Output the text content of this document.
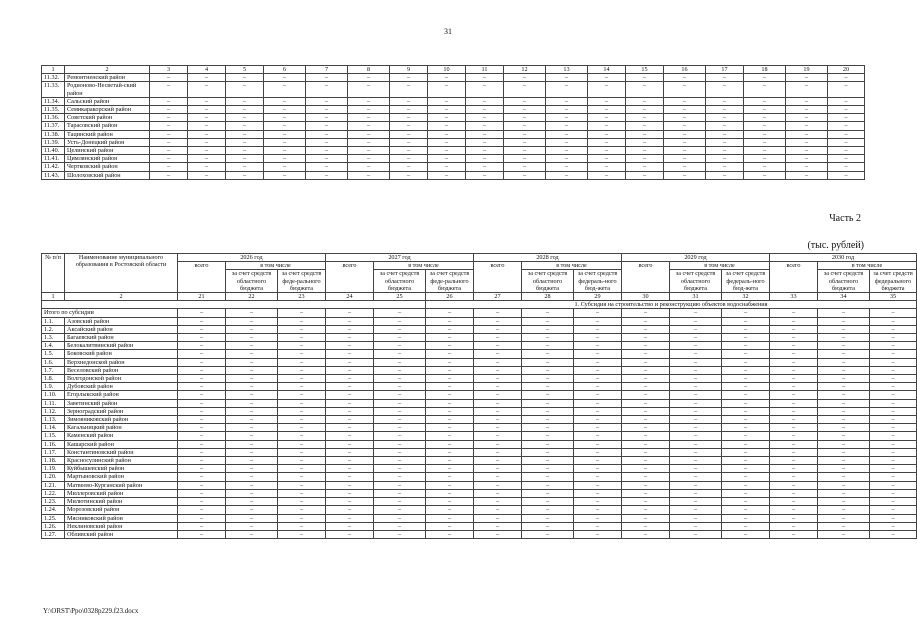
31
1	2	3	4	5	6	7	8	9	10	11	12	13	14	15	16	17	18	19	20
11.32.	Ремонтненский район	–	–	–	–	–	–	–	–	–	–	–	–	–	–	–	–	–	–
11.33.	Родионово-Несветай-ский район	–	–	–	–	–	–	–	–	–	–	–	–	–	–	–	–	–	–
11.34.	Сальский район	–	–	–	–	–	–	–	–	–	–	–	–	–	–	–	–	–	–
11.35.	Семикаракорский район	–	–	–	–	–	–	–	–	–	–	–	–	–	–	–	–	–	–
11.36.	Советский район	–	–	–	–	–	–	–	–	–	–	–	–	–	–	–	–	–	–
11.37.	Тарасовский район	–	–	–	–	–	–	–	–	–	–	–	–	–	–	–	–	–	–
11.38.	Тацинский район	–	–	–	–	–	–	–	–	–	–	–	–	–	–	–	–	–	–
11.39.	Усть-Донецкий район	–	–	–	–	–	–	–	–	–	–	–	–	–	–	–	–	–	–
11.40.	Целинский район	–	–	–	–	–	–	–	–	–	–	–	–	–	–	–	–	–	–
11.41.	Цимлянский район	–	–	–	–	–	–	–	–	–	–	–	–	–	–	–	–	–	–
11.42.	Чертковский район	–	–	–	–	–	–	–	–	–	–	–	–	–	–	–	–	–	–
11.43.	Шолоховский район	–	–	–	–	–	–	–	–	–	–	–	–	–	–	–	–	–	–
Часть 2
(тыс. рублей)
№ п/п	Наименование муниципального образования в Ростовской области	2026 год			2027 год			2028 год			2029 год			2030 год		
		всего	в том числе		всего	в том числе		всего	в том числе		всего	в том числе		всего	в том числе	
			за счет средств областного бюджета	за счет средств феде-рального бюджета		за счет средств областного бюджета	за счет средств феде-рального бюджета		за счет средств областного бюджета	за счет средств федераль-ного бюд-жета		за счет средств областного бюджета	за счет средств федераль-ного бюд-жета		за счет средств областного бюджета	за счет средств федерального бюджета
1	2	21	22	23	24	25	26	27	28	29	30	31	32	33	34	35
							1. Субсидия на строительство и реконструкцию объектов водоснабжения									
Итого по субсидии		–	–	–	–	–	–	–	–	–	–	–	–	–	–	–
1.1.	Азовский район	–	–	–	–	–	–	–	–	–	–	–	–	–	–	–
1.2.	Аксайский район	–	–	–	–	–	–	–	–	–	–	–	–	–	–	–
1.3.	Багаевский район	–	–	–	–	–	–	–	–	–	–	–	–	–	–	–
1.4.	Белокалитвинский район	–	–	–	–	–	–	–	–	–	–	–	–	–	–	–
1.5.	Боковский район	–	–	–	–	–	–	–	–	–	–	–	–	–	–	–
1.6.	Верхнедонской район	–	–	–	–	–	–	–	–	–	–	–	–	–	–	–
1.7.	Веселовский район	–	–	–	–	–	–	–	–	–	–	–	–	–	–	–
1.8.	Волгодонской район	–	–	–	–	–	–	–	–	–	–	–	–	–	–	–
1.9.	Дубовский район	–	–	–	–	–	–	–	–	–	–	–	–	–	–	–
1.10.	Егорлыкский район	–	–	–	–	–	–	–	–	–	–	–	–	–	–	–
1.11.	Заветинский район	–	–	–	–	–	–	–	–	–	–	–	–	–	–	–
1.12.	Зерноградский район	–	–	–	–	–	–	–	–	–	–	–	–	–	–	–
1.13.	Зимовниковский район	–	–	–	–	–	–	–	–	–	–	–	–	–	–	–
1.14.	Кагальницкий район	–	–	–	–	–	–	–	–	–	–	–	–	–	–	–
1.15.	Каменский район	–	–	–	–	–	–	–	–	–	–	–	–	–	–	–
1.16.	Кашарский район	–	–	–	–	–	–	–	–	–	–	–	–	–	–	–
1.17.	Константиновский район	–	–	–	–	–	–	–	–	–	–	–	–	–	–	–
1.18.	Красносулинский район	–	–	–	–	–	–	–	–	–	–	–	–	–	–	–
1.19.	Куйбышевский район	–	–	–	–	–	–	–	–	–	–	–	–	–	–	–
1.20.	Мартыновский район	–	–	–	–	–	–	–	–	–	–	–	–	–	–	–
1.21.	Матвеево-Курганский район	–	–	–	–	–	–	–	–	–	–	–	–	–	–	–
1.22.	Миллеровский район	–	–	–	–	–	–	–	–	–	–	–	–	–	–	–
1.23.	Милютинский район	–	–	–	–	–	–	–	–	–	–	–	–	–	–	–
1.24.	Морозовский район	–	–	–	–	–	–	–	–	–	–	–	–	–	–	–
1.25.	Мясниковский район	–	–	–	–	–	–	–	–	–	–	–	–	–	–	–
1.26.	Неклиновский район	–	–	–	–	–	–	–	–	–	–	–	–	–	–	–
1.27.	Обливский район	–	–	–	–	–	–	–	–	–	–	–	–	–	–	–
Y:\ORST\Ppo\0328p229.f23.docx
